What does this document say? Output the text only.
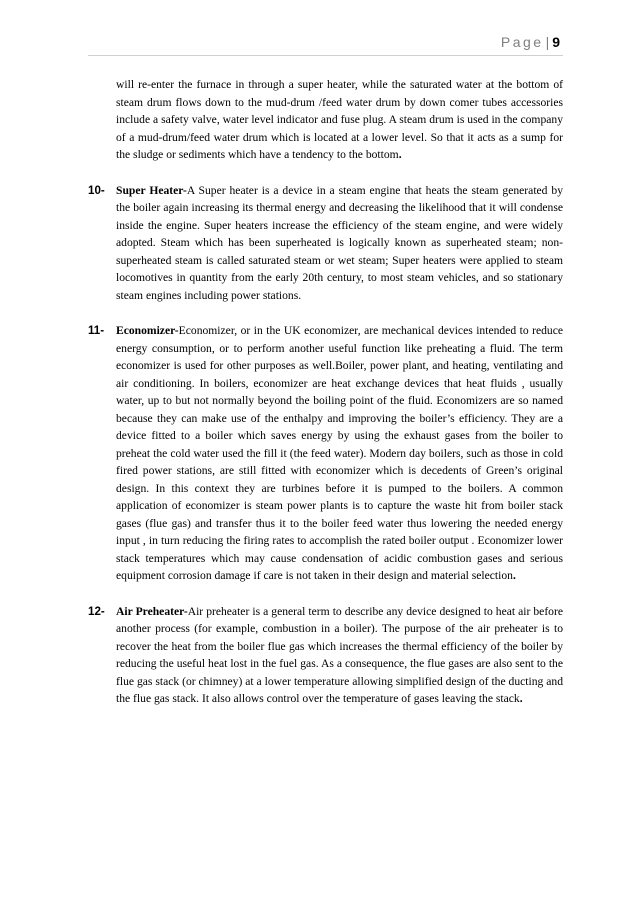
Page | 9

will re-enter the furnace in through a super heater, while the saturated water at the bottom of steam drum flows down to the mud-drum /feed water drum by down comer tubes accessories include a safety valve, water level indicator and fuse plug. A steam drum is used in the company of a mud-drum/feed water drum which is located at a lower level. So that it acts as a sump for the sludge or sediments which have a tendency to the bottom.

10- Super Heater-A Super heater is a device in a steam engine that heats the steam generated by the boiler again increasing its thermal energy and decreasing the likelihood that it will condense inside the engine. Super heaters increase the efficiency of the steam engine, and were widely adopted. Steam which has been superheated is logically known as superheated steam; non-superheated steam is called saturated steam or wet steam; Super heaters were applied to steam locomotives in quantity from the early 20th century, to most steam vehicles, and so stationary steam engines including power stations.
11- Economizer-Economizer, or in the UK economizer, are mechanical devices intended to reduce energy consumption, or to perform another useful function like preheating a fluid. The term economizer is used for other purposes as well.Boiler, power plant, and heating, ventilating and air conditioning. In boilers, economizer are heat exchange devices that heat fluids , usually water, up to but not normally beyond the boiling point of the fluid. Economizers are so named because they can make use of the enthalpy and improving the boiler’s efficiency. They are a device fitted to a boiler which saves energy by using the exhaust gases from the boiler to preheat the cold water used the fill it (the feed water). Modern day boilers, such as those in cold fired power stations, are still fitted with economizer which is decedents of Green’s original design. In this context they are turbines before it is pumped to the boilers. A common application of economizer is steam power plants is to capture the waste hit from boiler stack gases (flue gas) and transfer thus it to the boiler feed water thus lowering the needed energy input , in turn reducing the firing rates to accomplish the rated boiler output . Economizer lower stack temperatures which may cause condensation of acidic combustion gases and serious equipment corrosion damage if care is not taken in their design and material selection.
12- Air Preheater-Air preheater is a general term to describe any device designed to heat air before another process (for example, combustion in a boiler). The purpose of the air preheater is to recover the heat from the boiler flue gas which increases the thermal efficiency of the boiler by reducing the useful heat lost in the fuel gas. As a consequence, the flue gases are also sent to the flue gas stack (or chimney) at a lower temperature allowing simplified design of the ducting and the flue gas stack. It also allows control over the temperature of gases leaving the stack.
